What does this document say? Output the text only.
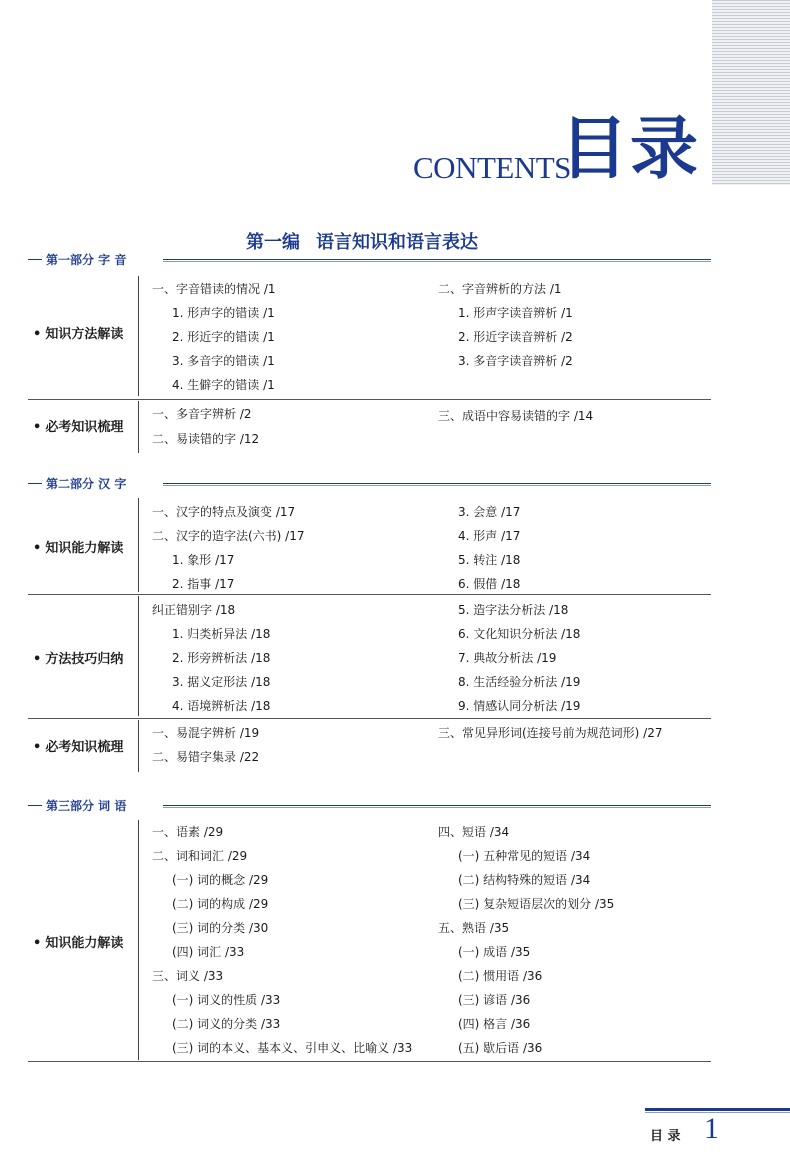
CONTENTS
目录
第一编 语言知识和语言表达
第一部分 字 音
• 知识方法解读
一、字音错读的情况 /1
1. 形声字的错读 /1
2. 形近字的错读 /1
3. 多音字的错读 /1
4. 生僻字的错读 /1
二、字音辨析的方法 /1
1. 形声字读音辨析 /1
2. 形近字读音辨析 /2
3. 多音字读音辨析 /2
• 必考知识梳理
一、多音字辨析 /2
二、易读错的字 /12
三、成语中容易读错的字 /14
第二部分 汉 字
• 知识能力解读
一、汉字的特点及演变 /17
二、汉字的造字法(六书) /17
1. 象形 /17
2. 指事 /17
3. 会意 /17
4. 形声 /17
5. 转注 /18
6. 假借 /18
• 方法技巧归纳
纠正错别字 /18
1. 归类析异法 /18
2. 形旁辨析法 /18
3. 据义定形法 /18
4. 语境辨析法 /18
5. 造字法分析法 /18
6. 文化知识分析法 /18
7. 典故分析法 /19
8. 生活经验分析法 /19
9. 情感认同分析法 /19
• 必考知识梳理
一、易混字辨析 /19
二、易错字集录 /22
三、常见异形词(连接号前为规范词形) /27
第三部分 词 语
• 知识能力解读
一、语素 /29
二、词和词汇 /29
(一) 词的概念 /29
(二) 词的构成 /29
(三) 词的分类 /30
(四) 词汇 /33
三、词义 /33
(一) 词义的性质 /33
(二) 词义的分类 /33
(三) 词的本义、基本义、引申义、比喻义 /33
四、短语 /34
(一) 五种常见的短语 /34
(二) 结构特殊的短语 /34
(三) 复杂短语层次的划分 /35
五、熟语 /35
(一) 成语 /35
(二) 惯用语 /36
(三) 谚语 /36
(四) 格言 /36
(五) 歇后语 /36
目 录 1
